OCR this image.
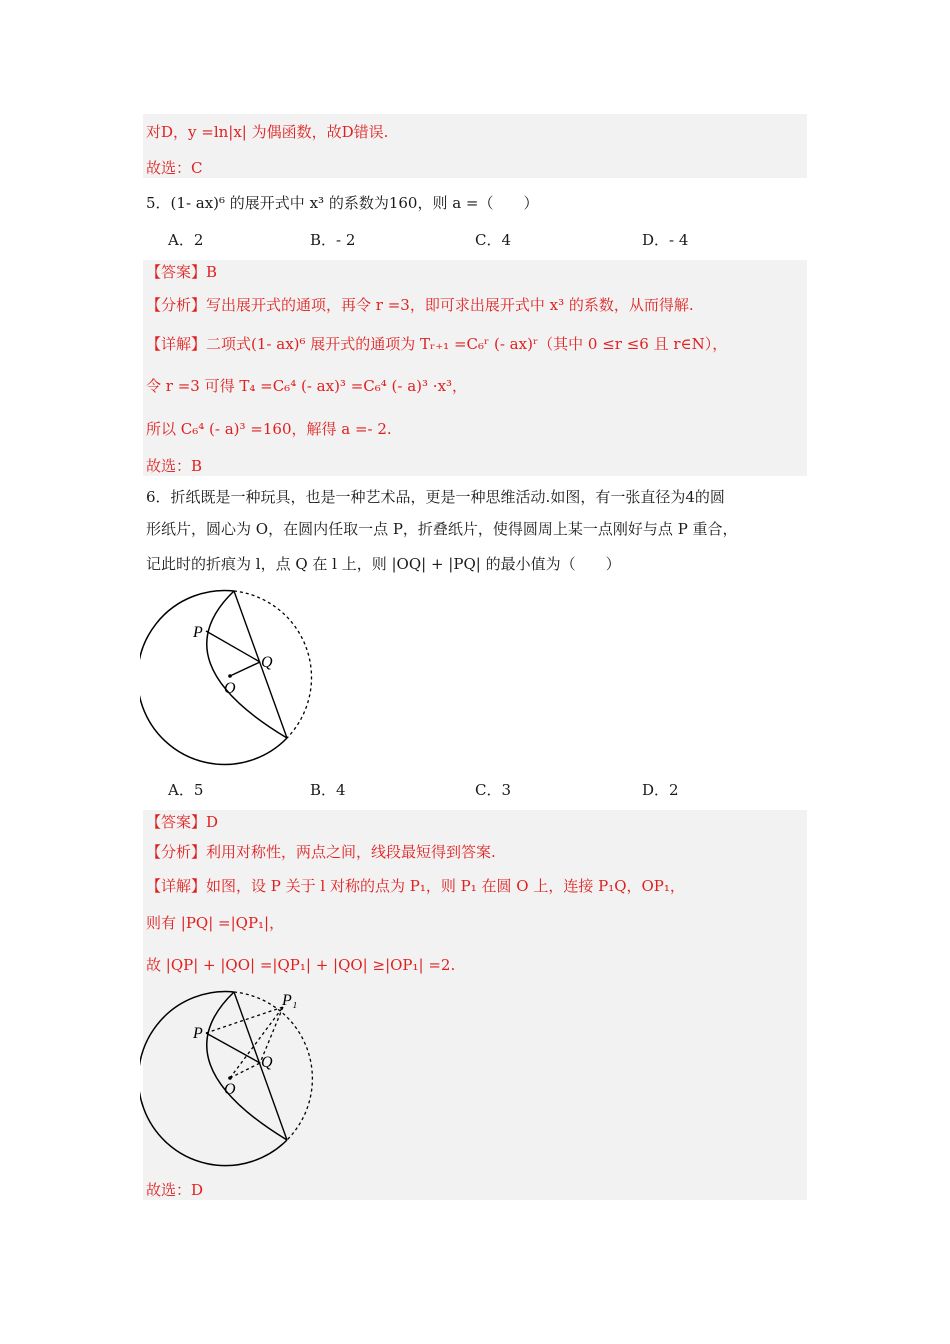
对D，y =ln|x| 为偶函数，故D错误.
故选：C
5．(1- ax)⁶ 的展开式中 x³ 的系数为160，则 a =（　　）
A．2	B．- 2	C．4	D．- 4
【答案】B
【分析】写出展开式的通项，再令 r =3，即可求出展开式中 x³ 的系数，从而得解.
【详解】二项式(1- ax)⁶ 展开式的通项为 Tᵣ₊₁ =C₆ʳ (- ax)ʳ（其中 0 ≤r ≤6 且 r∈N），
令 r =3 可得 T₄ =C₆⁴ (- ax)³ =C₆⁴ (- a)³ ·x³，
所以 C₆⁴ (- a)³ =160，解得 a =- 2.
故选：B
6．折纸既是一种玩具，也是一种艺术品，更是一种思维活动.如图，有一张直径为4的圆
形纸片，圆心为 O，在圆内任取一点 P，折叠纸片，使得圆周上某一点刚好与点 P 重合，
记此时的折痕为 l，点 Q 在 l 上，则 |OQ| + |PQ| 的最小值为（　　）
P
Q
O
A．5	B．4	C．3	D．2
【答案】D
【分析】利用对称性，两点之间，线段最短得到答案.
【详解】如图，设 P 关于 l 对称的点为 P₁，则 P₁ 在圆 O 上，连接 P₁Q，OP₁，
则有 |PQ| =|QP₁|，
故 |QP| + |QO| =|QP₁| + |QO| ≥|OP₁| =2.
P₁
P
Q
O
故选：D
